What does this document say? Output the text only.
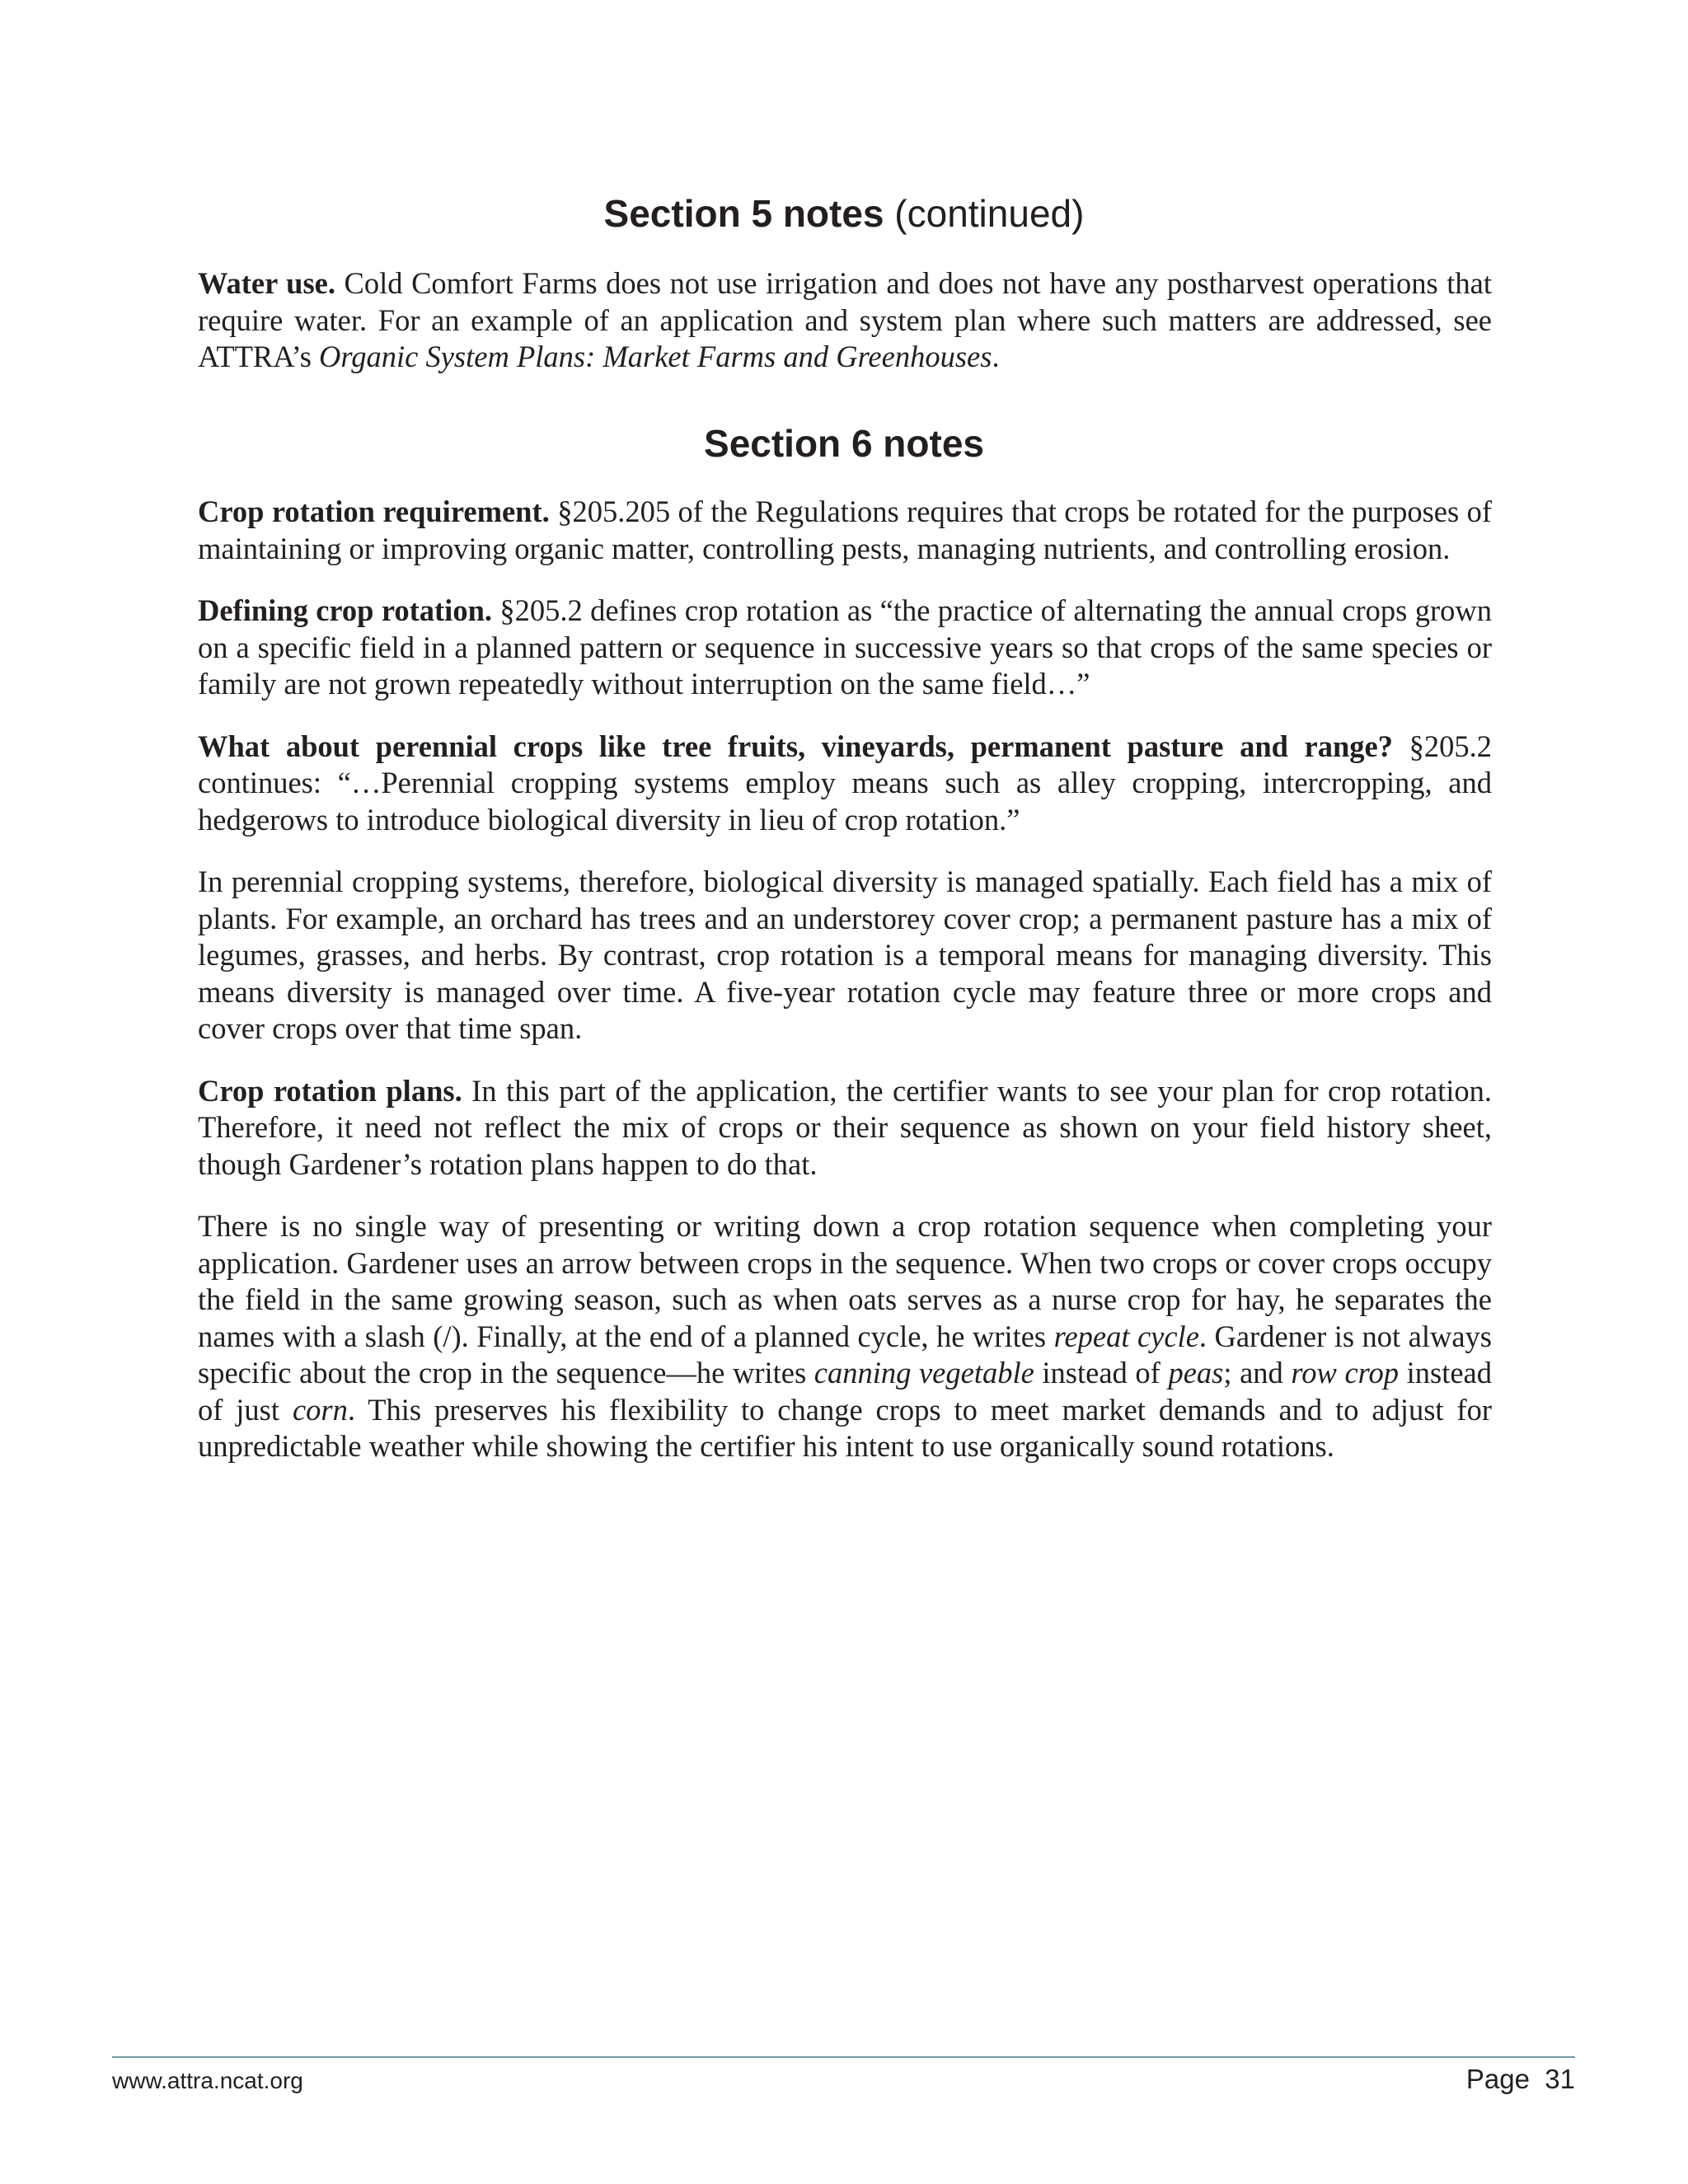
Section 5 notes (continued)

Water use. Cold Comfort Farms does not use irrigation and does not have any postharvest operations that require water. For an example of an application and system plan where such matters are addressed, see ATTRA’s Organic System Plans: Market Farms and Greenhouses.

Section 6 notes

Crop rotation requirement. §205.205 of the Regulations requires that crops be rotated for the purposes of maintaining or improving organic matter, controlling pests, managing nutrients, and controlling erosion.

Defining crop rotation. §205.2 defines crop rotation as “the practice of alternating the annual crops grown on a specific field in a planned pattern or sequence in successive years so that crops of the same species or family are not grown repeatedly without interruption on the same field…”

What about perennial crops like tree fruits, vineyards, permanent pasture and range? §205.2 continues: “…Perennial cropping systems employ means such as alley cropping, intercropping, and hedgerows to introduce biological diversity in lieu of crop rotation.”

In perennial cropping systems, therefore, biological diversity is managed spatially. Each field has a mix of plants. For example, an orchard has trees and an understorey cover crop; a permanent pasture has a mix of legumes, grasses, and herbs. By contrast, crop rotation is a temporal means for managing diversity. This means diversity is managed over time. A five-year rotation cycle may feature three or more crops and cover crops over that time span.

Crop rotation plans. In this part of the application, the certifier wants to see your plan for crop rotation. Therefore, it need not reflect the mix of crops or their sequence as shown on your field history sheet, though Gardener’s rotation plans happen to do that.

There is no single way of presenting or writing down a crop rotation sequence when completing your application. Gardener uses an arrow between crops in the sequence. When two crops or cover crops occupy the field in the same growing season, such as when oats serves as a nurse crop for hay, he separates the names with a slash (/). Finally, at the end of a planned cycle, he writes repeat cycle. Gardener is not always specific about the crop in the sequence—he writes canning vegetable instead of peas; and row crop instead of just corn. This preserves his flexibility to change crops to meet market demands and to adjust for unpredictable weather while showing the certifier his intent to use organically sound rotations.

www.attra.ncat.org	Page  31
